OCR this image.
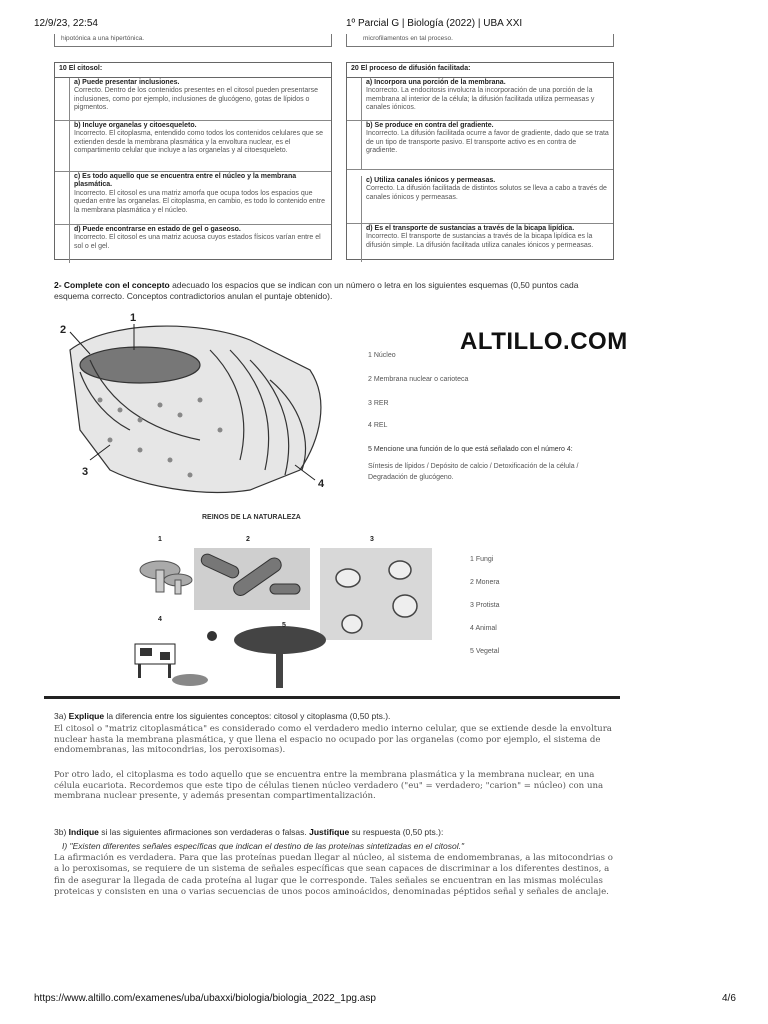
12/9/23, 22:54	1º Parcial G | Biología (2022) | UBA XXI
hipotónica a una hipertónica.	microfilamentos en tal proceso.
10 El citosol:
a) Puede presentar inclusiones.
Correcto. Dentro de los contenidos presentes en el citosol pueden presentarse inclusiones, como por ejemplo, inclusiones de glucógeno, gotas de lípidos o pigmentos.
b) Incluye organelas y citoesqueleto.
Incorrecto. El citoplasma, entendido como todos los contenidos celulares que se extienden desde la membrana plasmática y la envoltura nuclear, es el compartimento celular que incluye a las organelas y al citoesqueleto.
c) Es todo aquello que se encuentra entre el núcleo y la membrana plasmática.
Incorrecto. El citosol es una matriz amorfa que ocupa todos los espacios que quedan entre las organelas. El citoplasma, en cambio, es todo lo contenido entre la membrana plasmática y el núcleo.
d) Puede encontrarse en estado de gel o gaseoso.
Incorrecto. El citosol es una matriz acuosa cuyos estados físicos varían entre el sol o el gel.
20 El proceso de difusión facilitada:
a) Incorpora una porción de la membrana.
Incorrecto. La endocitosis involucra la incorporación de una porción de la membrana al interior de la célula; la difusión facilitada utiliza permeasas y canales iónicos.
b) Se produce en contra del gradiente.
Incorrecto. La difusión facilitada ocurre a favor de gradiente, dado que se trata de un tipo de transporte pasivo. El transporte activo es en contra de gradiente.
c) Utiliza canales iónicos y permeasas.
Correcto. La difusión facilitada de distintos solutos se lleva a cabo a través de canales iónicos y permeasas.
d) Es el transporte de sustancias a través de la bicapa lipídica.
Incorrecto. El transporte de sustancias a través de la bicapa lipídica es la difusión simple. La difusión facilitada utiliza canales iónicos y permeasas.
2- Complete con el concepto adecuado los espacios que se indican con un número o letra en los siguientes esquemas (0,50 puntos cada esquema correcto. Conceptos contradictorios anulan el puntaje obtenido).
1
2
3
4
ALTILLO.COM
1 Núcleo
2 Membrana nuclear o carioteca
3 RER
4 REL
5 Mencione una función de lo que está señalado con el número 4:
Síntesis de lípidos / Depósito de calcio / Detoxificación de la célula / Degradación de glucógeno.
REINOS DE LA NATURALEZA
1	2	3
4
5
1 Fungi
2 Monera
3 Protista
4 Animal
5 Vegetal
3a) Explique la diferencia entre los siguientes conceptos: citosol y citoplasma (0,50 pts.).
El citosol o "matriz citoplasmática" es considerado como el verdadero medio interno celular, que se extiende desde la envoltura nuclear hasta la membrana plasmática, y que llena el espacio no ocupado por las organelas (como por ejemplo, el sistema de endomembranas, las mitocondrias, los peroxisomas).
Por otro lado, el citoplasma es todo aquello que se encuentra entre la membrana plasmática y la membrana nuclear, en una célula eucariota. Recordemos que este tipo de células tienen núcleo verdadero ("eu" = verdadero; "carion" = núcleo) con una membrana nuclear presente, y además presentan compartimentalización.
3b) Indique si las siguientes afirmaciones son verdaderas o falsas. Justifique su respuesta (0,50 pts.):
I) "Existen diferentes señales específicas que indican el destino de las proteínas sintetizadas en el citosol."
La afirmación es verdadera. Para que las proteínas puedan llegar al núcleo, al sistema de endomembranas, a las mitocondrias o a lo peroxisomas, se requiere de un sistema de señales específicas que sean capaces de discriminar a los diferentes destinos, a fin de asegurar la llegada de cada proteína al lugar que le corresponde. Tales señales se encuentran en las mismas moléculas proteicas y consisten en una o varias secuencias de unos pocos aminoácidos, denominadas péptidos señal y señales de anclaje.
https://www.altillo.com/examenes/uba/ubaxxi/biologia/biologia_2022_1pg.asp	4/6
